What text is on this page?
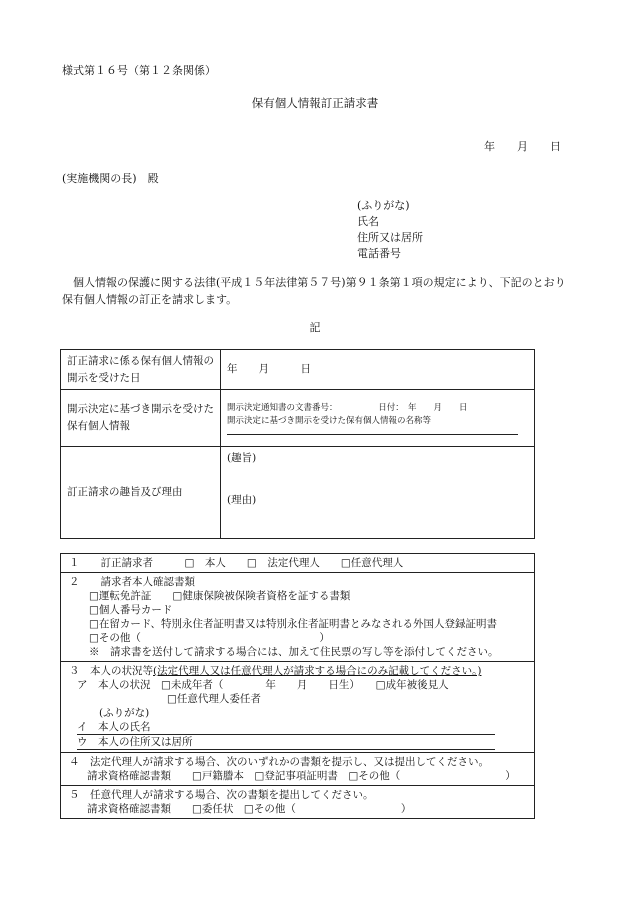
様式第１６号（第１２条関係）
保有個人情報訂正請求書
年 月 日
(実施機関の長)　殿
(ふりがな)
氏名
住所又は居所
電話番号
個人情報の保護に関する法律(平成１５年法律第５７号)第９１条第１項の規定により、下記のとおり保有個人情報の訂正を請求します。
記
訂正請求に係る保有個人情報の開示を受けた日	年　　月　　　日
開示決定に基づき開示を受けた保有個人情報	開示決定通知書の文書番号： 日付：　年　　月　　日
開示決定に基づき開示を受けた保有個人情報の名称等

訂正請求の趣旨及び理由	(趣旨)
(理由)
１　　訂正請求者　　　□　本人　　□　法定代理人　　□任意代理人

２　　請求者本人確認書類
□運転免許証　　□健康保険被保険者資格を証する書類
□個人番号カード
□在留カード、特別永住者証明書又は特別永住者証明書とみなされる外国人登録証明書
□その他（　　　　　　　　　　　　　　　　　）
※　請求書を送付して請求する場合には、加えて住民票の写し等を添付してください。

３　本人の状況等(法定代理人又は任意代理人が請求する場合にのみ記載してください。)
ア　本人の状況　□未成年者（　　　　年　　月　　日生）　　□成年被後見人
□任意代理人委任者
(ふりがな)
イ　本人の氏名
ウ　本人の住所又は居所

４　法定代理人が請求する場合、次のいずれかの書類を提示し、又は提出してください。
請求資格確認書類　　□戸籍謄本　□登記事項証明書　□その他（　　　　　　　　　　）

５　任意代理人が請求する場合、次の書類を提出してください。
請求資格確認書類　　□委任状　□その他（　　　　　　　　　　）
